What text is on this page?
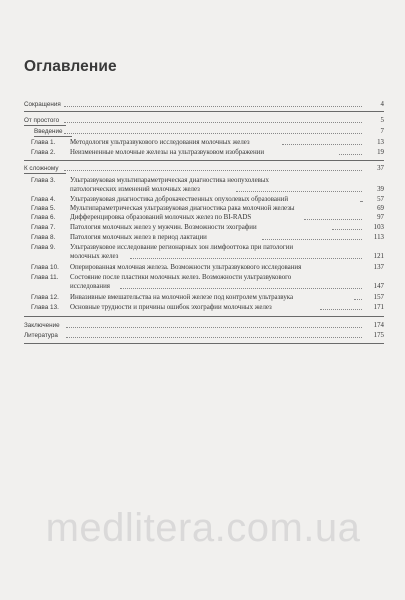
Оглавление
Сокращения	4
От простого	5
Введение	7
Глава 1.	Методология ультразвукового исследования молочных желез	13
Глава 2.	Неизмененные молочные железы на ультразвуковом изображении	19
К сложному	37
Глава 3.	Ультразвуковая мультипараметрическая диагностика неопухолевых
патологических изменений молочных желез	39
Глава 4.	Ультразвуковая диагностика доброкачественных опухолевых образований	57
Глава 5.	Мультипараметрическая ультразвуковая диагностика рака молочной железы	69
Глава 6.	Дифференцировка образований молочных желез по BI-RADS	97
Глава 7.	Патология молочных желез у мужчин. Возможности эхографии	103
Глава 8.	Патология молочных желез в период лактации	113
Глава 9.	Ультразвуковое исследование регионарных зон лимфооттока при патологии
молочных желез	121
Глава 10.	Оперированная молочная железа. Возможности ультразвукового исследования	137
Глава 11.	Состояние после пластики молочных желез. Возможности ультразвукового
исследования	147
Глава 12.	Инвазивные вмешательства на молочной железе под контролем ультразвука	157
Глава 13.	Основные трудности и причины ошибок эхографии молочных желез	171
Заключение	174
Литература	175
medlitera.com.ua
